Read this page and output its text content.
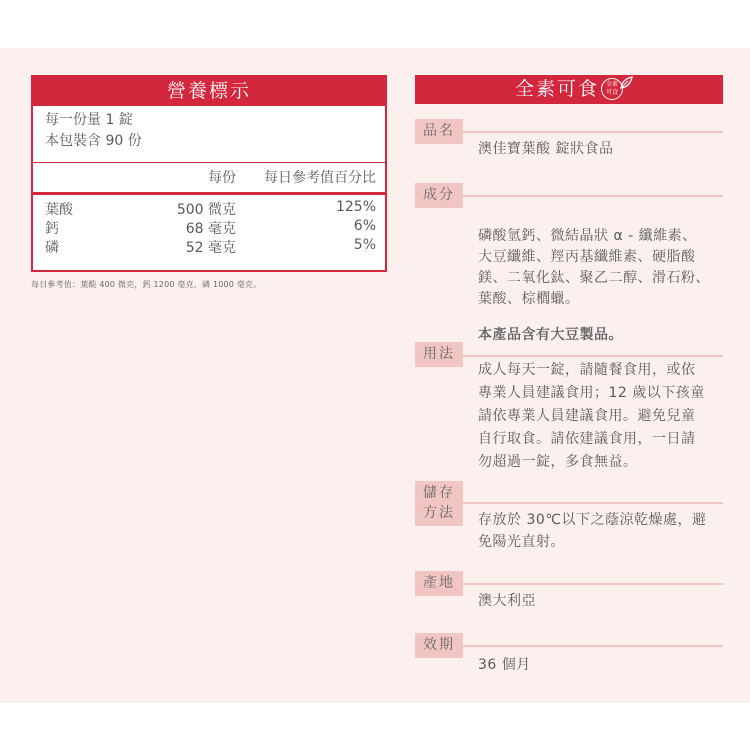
營養標示
每一份量 1 錠
本包裝含 90 份
每份 每日參考值百分比
葉酸	500 微克	125%
鈣	68 毫克	6%
磷	52 毫克	5%
每日參考值：葉酸 400 微克，鈣 1200 毫克，磷 1000 毫克。
全素可食	全素
可食
品名
澳佳寶葉酸 錠狀食品
成分

磷酸氫鈣、微結晶狀 α - 纖維素、
大豆纖維、羥丙基纖維素、硬脂酸
鎂、二氧化鈦、聚乙二醇、滑石粉、
葉酸、棕櫚蠟。

本產品含有大豆製品。

用法
成人每天一錠，請隨餐食用，或依
專業人員建議食用；12 歲以下孩童
請依專業人員建議食用。避免兒童
自行取食。請依建議食用，一日請
勿超過一錠，多食無益。
儲存
方法	存放於 30℃以下之蔭涼乾燥處，避
免陽光直射。
產地
澳大利亞
效期
36 個月
